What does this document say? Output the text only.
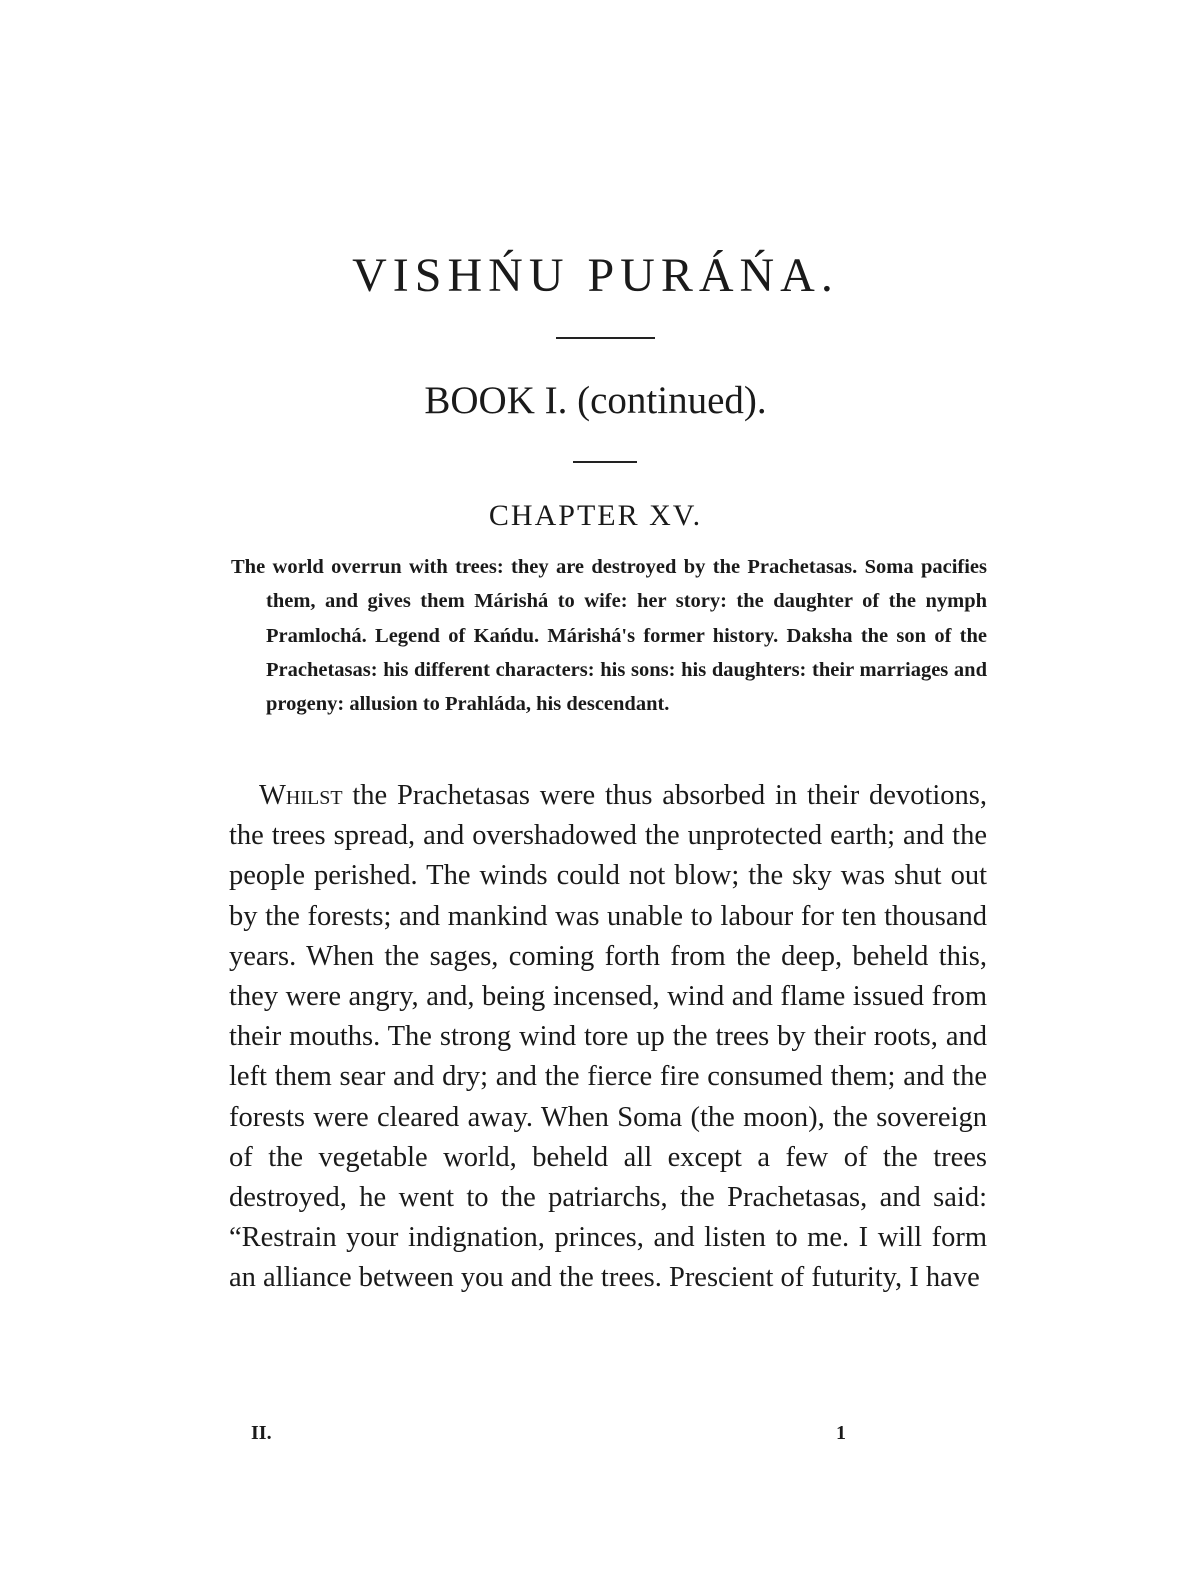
VISHŃU PURÁŃA.
BOOK I. (continued).
CHAPTER XV.

The world overrun with trees: they are destroyed by the Prachetasas. Soma pacifies them, and gives them Márishá to wife: her story: the daughter of the nymph Pramlochá. Legend of Kańdu. Márishá's former history. Daksha the son of the Prachetasas: his different characters: his sons: his daughters: their marriages and progeny: allusion to Prahláda, his descendant.

Whilst the Prachetasas were thus absorbed in their devotions, the trees spread, and overshadowed the unprotected earth; and the people perished. The winds could not blow; the sky was shut out by the forests; and mankind was unable to labour for ten thousand years. When the sages, coming forth from the deep, beheld this, they were angry, and, being incensed, wind and flame issued from their mouths. The strong wind tore up the trees by their roots, and left them sear and dry; and the fierce fire consumed them; and the forests were cleared away. When Soma (the moon), the sovereign of the vegetable world, beheld all except a few of the trees destroyed, he went to the patriarchs, the Prachetasas, and said: “Restrain your indignation, princes, and listen to me. I will form an alliance between you and the trees. Prescient of futurity, I have

II.	1
